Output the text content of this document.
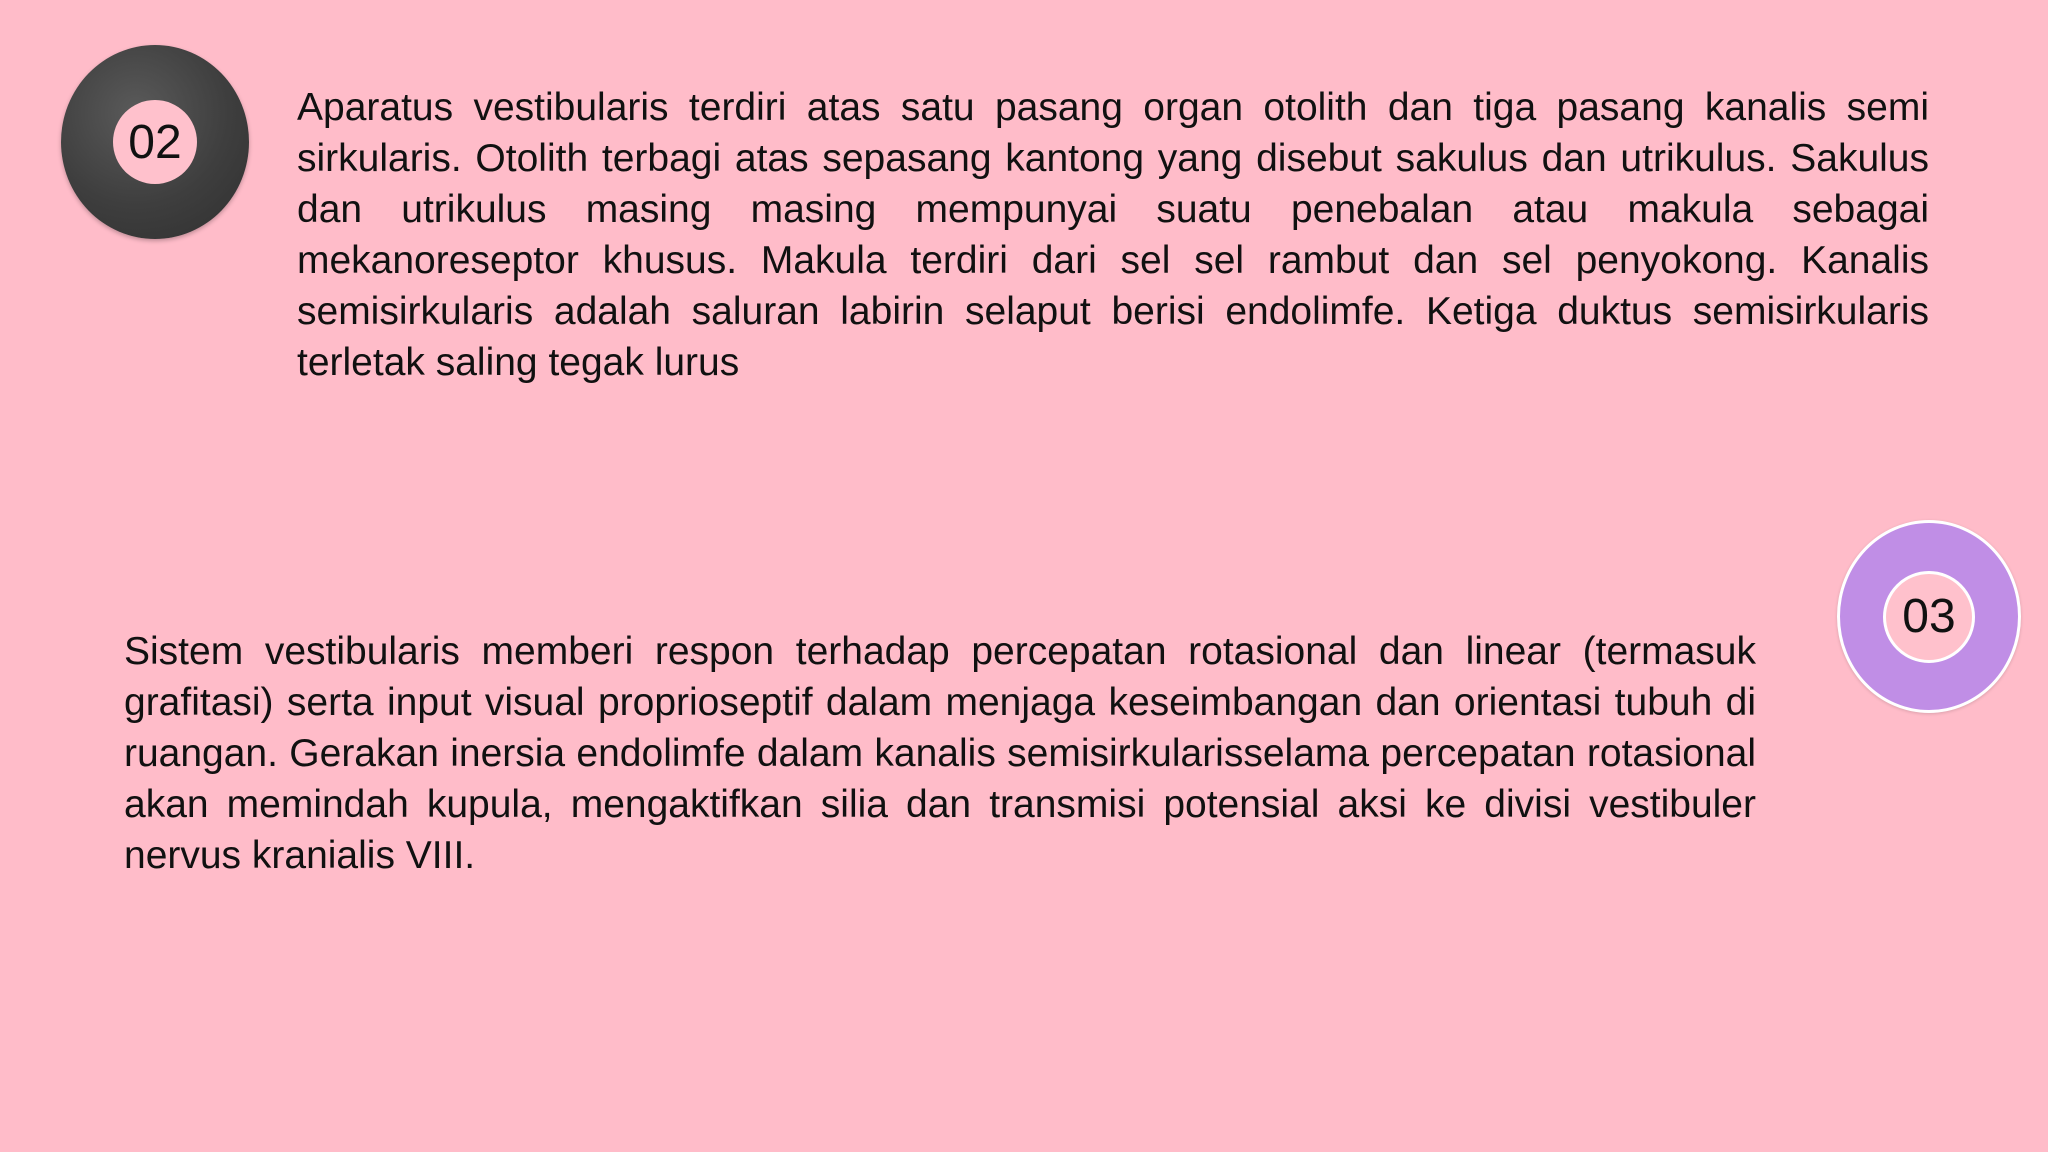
02

Aparatus vestibularis terdiri atas satu pasang organ otolith dan tiga pasang kanalis semi sirkularis. Otolith terbagi atas sepasang kantong yang disebut sakulus dan utrikulus. Sakulus dan utrikulus masing masing mempunyai suatu penebalan atau makula sebagai mekanoreseptor khusus. Makula terdiri dari sel sel rambut dan sel penyokong. Kanalis semisirkularis adalah saluran labirin selaput berisi endolimfe. Ketiga duktus semisirkularis terletak saling tegak lurus

03

Sistem vestibularis memberi respon terhadap percepatan rotasional dan linear (termasuk grafitasi) serta input visual proprioseptif dalam menjaga keseimbangan dan orientasi tubuh di ruangan. Gerakan inersia endolimfe dalam kanalis semisirkularisselama percepatan rotasional akan memindah kupula, mengaktifkan silia dan transmisi potensial aksi ke divisi vestibuler nervus kranialis VIII.
